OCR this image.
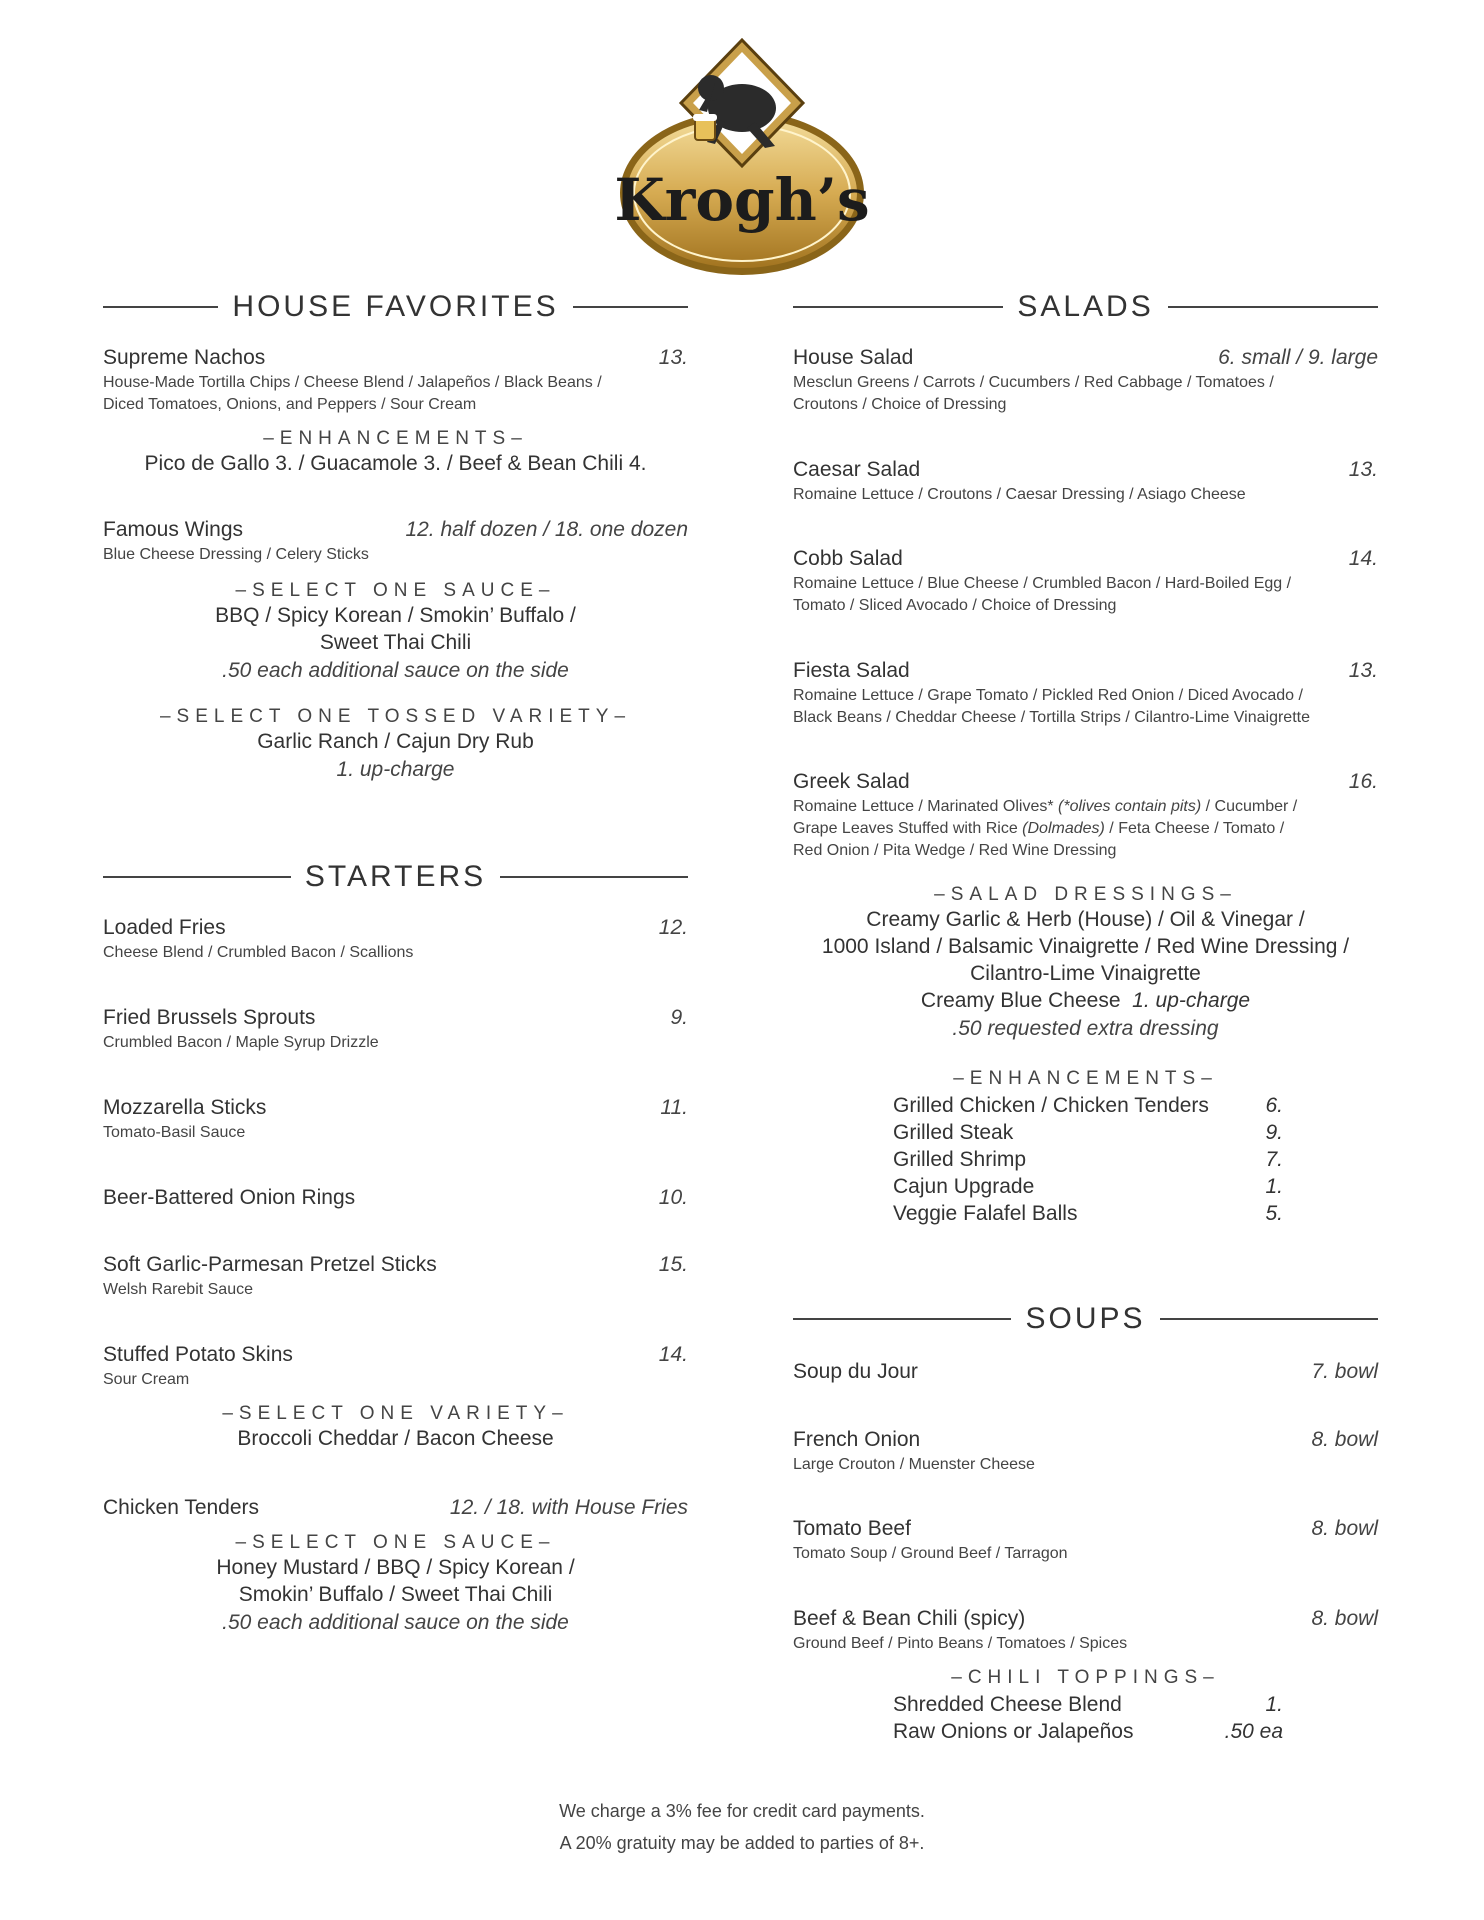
Krogh’s
HOUSE FAVORITES
Supreme Nachos	13.
House-Made Tortilla Chips / Cheese Blend / Jalapeños / Black Beans /
Diced Tomatoes, Onions, and Peppers / Sour Cream
–ENHANCEMENTS–
Pico de Gallo 3. / Guacamole 3. / Beef & Bean Chili 4.
Famous Wings	12. half dozen / 18. one dozen
Blue Cheese Dressing / Celery Sticks
–SELECT ONE SAUCE–
BBQ / Spicy Korean / Smokin’ Buffalo /
Sweet Thai Chili
.50 each additional sauce on the side
–SELECT ONE TOSSED VARIETY–
Garlic Ranch / Cajun Dry Rub
1. up-charge
STARTERS
Loaded Fries	12.
Cheese Blend / Crumbled Bacon / Scallions
Fried Brussels Sprouts	9.
Crumbled Bacon / Maple Syrup Drizzle
Mozzarella Sticks	11.
Tomato-Basil Sauce
Beer-Battered Onion Rings	10.
Soft Garlic-Parmesan Pretzel Sticks	15.
Welsh Rarebit Sauce
Stuffed Potato Skins	14.
Sour Cream
–SELECT ONE VARIETY–
Broccoli Cheddar / Bacon Cheese
Chicken Tenders	12. / 18. with House Fries
–SELECT ONE SAUCE–
Honey Mustard / BBQ / Spicy Korean /
Smokin’ Buffalo / Sweet Thai Chili
.50 each additional sauce on the side
SALADS
House Salad	6. small / 9. large
Mesclun Greens / Carrots / Cucumbers / Red Cabbage / Tomatoes /
Croutons / Choice of Dressing
Caesar Salad	13.
Romaine Lettuce / Croutons / Caesar Dressing / Asiago Cheese
Cobb Salad	14.
Romaine Lettuce / Blue Cheese / Crumbled Bacon / Hard-Boiled Egg /
Tomato / Sliced Avocado / Choice of Dressing
Fiesta Salad	13.
Romaine Lettuce / Grape Tomato / Pickled Red Onion / Diced Avocado /
Black Beans / Cheddar Cheese / Tortilla Strips / Cilantro-Lime Vinaigrette
Greek Salad	16.
Romaine Lettuce / Marinated Olives* (*olives contain pits) / Cucumber /
Grape Leaves Stuffed with Rice (Dolmades) / Feta Cheese / Tomato /
Red Onion / Pita Wedge / Red Wine Dressing
–SALAD DRESSINGS–
Creamy Garlic & Herb (House) / Oil & Vinegar /
1000 Island / Balsamic Vinaigrette / Red Wine Dressing /
Cilantro-Lime Vinaigrette
Creamy Blue Cheese 1. up-charge
.50 requested extra dressing
–ENHANCEMENTS–
Grilled Chicken / Chicken Tenders	6.
Grilled Steak	9.
Grilled Shrimp	7.
Cajun Upgrade	1.
Veggie Falafel Balls	5.
SOUPS
Soup du Jour	7. bowl
French Onion	8. bowl
Large Crouton / Muenster Cheese
Tomato Beef	8. bowl
Tomato Soup / Ground Beef / Tarragon
Beef & Bean Chili (spicy)	8. bowl
Ground Beef / Pinto Beans / Tomatoes / Spices
–CHILI TOPPINGS–
Shredded Cheese Blend	1.
Raw Onions or Jalapeños	.50 ea
We charge a 3% fee for credit card payments.
A 20% gratuity may be added to parties of 8+.
